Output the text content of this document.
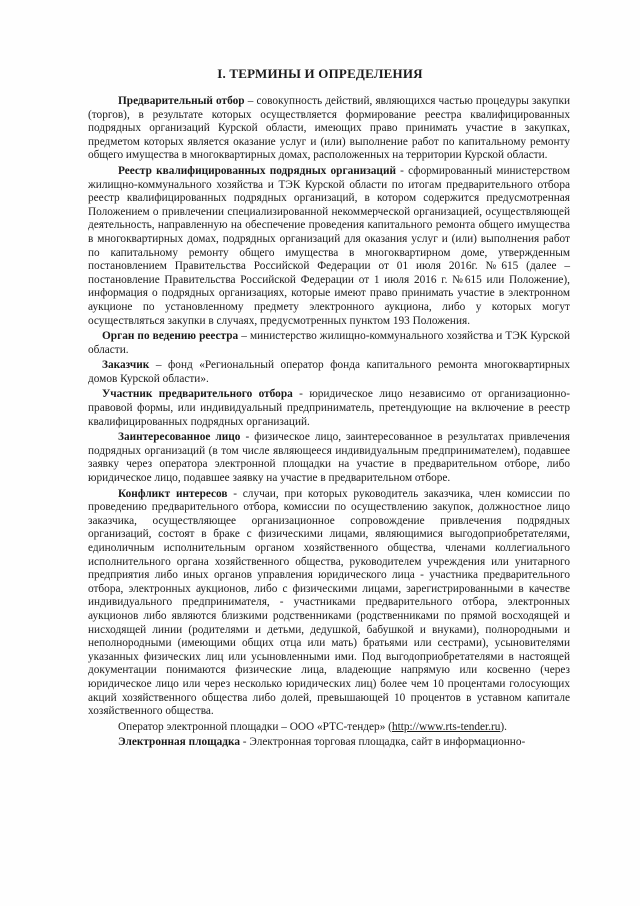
I. ТЕРМИНЫ И ОПРЕДЕЛЕНИЯ

Предварительный отбор – совокупность действий, являющихся частью процедуры закупки (торгов), в результате которых осуществляется формирование реестра квалифицированных подрядных организаций Курской области, имеющих право принимать участие в закупках, предметом которых является оказание услуг и (или) выполнение работ по капитальному ремонту общего имущества в многоквартирных домах, расположенных на территории Курской области.

Реестр квалифицированных подрядных организаций - сформированный министерством жилищно-коммунального хозяйства и ТЭК Курской области по итогам предварительного отбора реестр квалифицированных подрядных организаций, в котором содержится предусмотренная Положением о привлечении специализированной некоммерческой организацией, осуществляющей деятельность, направленную на обеспечение проведения капитального ремонта общего имущества в многоквартирных домах, подрядных организаций для оказания услуг и (или) выполнения работ по капитальному ремонту общего имущества в многоквартирном доме, утвержденным постановлением Правительства Российской Федерации от 01 июля 2016г. №615 (далее – постановление Правительства Российской Федерации от 1 июля 2016 г. №615 или Положение), информация о подрядных организациях, которые имеют право принимать участие в электронном аукционе по установленному предмету электронного аукциона, либо у которых могут осуществляться закупки в случаях, предусмотренных пунктом 193 Положения.

Орган по ведению реестра – министерство жилищно-коммунального хозяйства и ТЭК Курской области.

Заказчик – фонд «Региональный оператор фонда капитального ремонта многоквартирных домов Курской области».

Участник предварительного отбора - юридическое лицо независимо от организационно-правовой формы, или индивидуальный предприниматель, претендующие на включение в реестр квалифицированных подрядных организаций.

Заинтересованное лицо - физическое лицо, заинтересованное в результатах привлечения подрядных организаций (в том числе являющееся индивидуальным предпринимателем), подавшее заявку через оператора электронной площадки на участие в предварительном отборе, либо юридическое лицо, подавшее заявку на участие в предварительном отборе.

Конфликт интересов - случаи, при которых руководитель заказчика, член комиссии по проведению предварительного отбора, комиссии по осуществлению закупок, должностное лицо заказчика, осуществляющее организационное сопровождение привлечения подрядных организаций, состоят в браке с физическими лицами, являющимися выгодоприобретателями, единоличным исполнительным органом хозяйственного общества, членами коллегиального исполнительного органа хозяйственного общества, руководителем учреждения или унитарного предприятия либо иных органов управления юридического лица - участника предварительного отбора, электронных аукционов, либо с физическими лицами, зарегистрированными в качестве индивидуального предпринимателя, - участниками предварительного отбора, электронных аукционов либо являются близкими родственниками (родственниками по прямой восходящей и нисходящей линии (родителями и детьми, дедушкой, бабушкой и внуками), полнородными и неполнородными (имеющими общих отца или мать) братьями или сестрами), усыновителями указанных физических лиц или усыновленными ими. Под выгодоприобретателями в настоящей документации понимаются физические лица, владеющие напрямую или косвенно (через юридическое лицо или через несколько юридических лиц) более чем 10 процентами голосующих акций хозяйственного общества либо долей, превышающей 10 процентов в уставном капитале хозяйственного общества.

Оператор электронной площадки – ООО «РТС-тендер» (http://www.rts-tender.ru).

Электронная площадка - Электронная торговая площадка, сайт в информационно-
